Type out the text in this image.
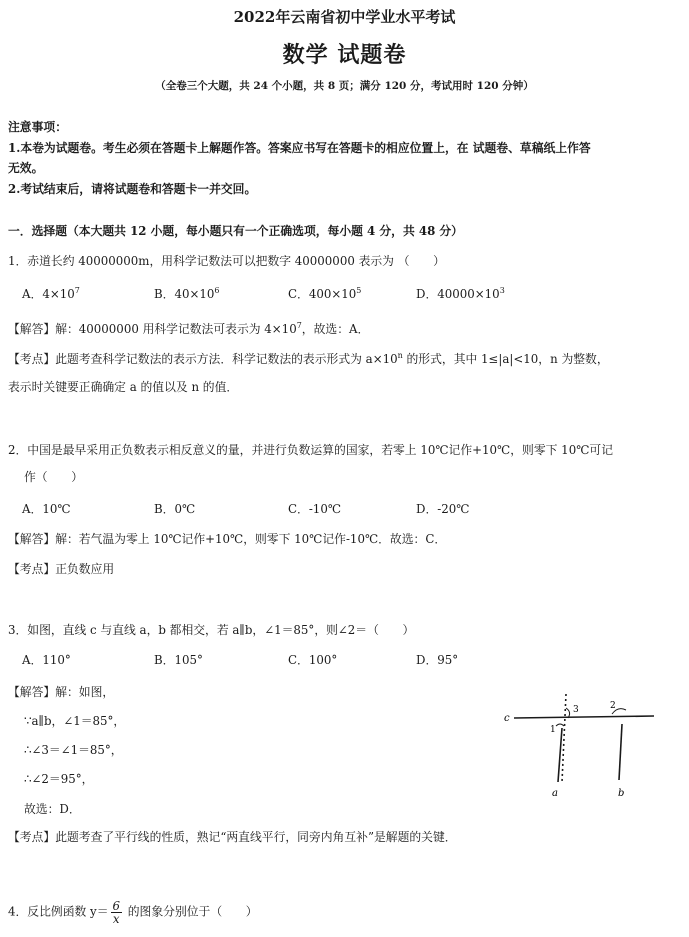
2022年云南省初中学业水平考试
数学 试题卷
（全卷三个大题，共 24 个小题，共 8 页；满分 120 分，考试用时 120 分钟）
注意事项：
1.本卷为试题卷。考生必须在答题卡上解题作答。答案应书写在答题卡的相应位置上，在 试题卷、草稿纸上作答
无效。
2.考试结束后，请将试题卷和答题卡一并交回。
一．选择题（本大题共 12 小题，每小题只有一个正确选项，每小题 4 分，共 48 分）
1．赤道长约 40000000m，用科学记数法可以把数字 40000000 表示为 （　　）
A．$4\times 10^7$	B．$40\times 10^6$	C．$400\times 10^5$	D．$40000\times 10^3$
【解答】解：40000000 用科学记数法可表示为 $4\times 10^7$，故选：A．
【考点】此题考查科学记数法的表示方法．科学记数法的表示形式为 $a\times 10^n$ 的形式，其中 1≤|a|<10，n 为整数，
表示时关键要正确确定 a 的值以及 n 的值．
2．中国是最早采用正负数表示相反意义的量，并进行负数运算的国家，若零上 10℃记作+10℃，则零下 10℃可记
作（　　）
A．10℃	B．0℃	C．-10℃	D．-20℃
【解答】解：若气温为零上 10℃记作+10℃，则零下 10℃记作-10℃．故选：C．
【考点】正负数应用
3．如图，直线 c 与直线 a，b 都相交，若 a∥b，∠1＝85°，则∠2＝（　　）
A．110°	B．105°	C．100°	D．95°
【解答】解：如图，
∵a∥b，∠1＝85°，
∴∠3＝∠1＝85°，
∴∠2＝95°，
故选：D．
【考点】此题考查了平行线的性质，熟记“两直线平行，同旁内角互补”是解题的关键．
c
a	b
1
2
3
4．反比例函数 $y= \frac{6}{x}$ 的图象分别位于（　　）
